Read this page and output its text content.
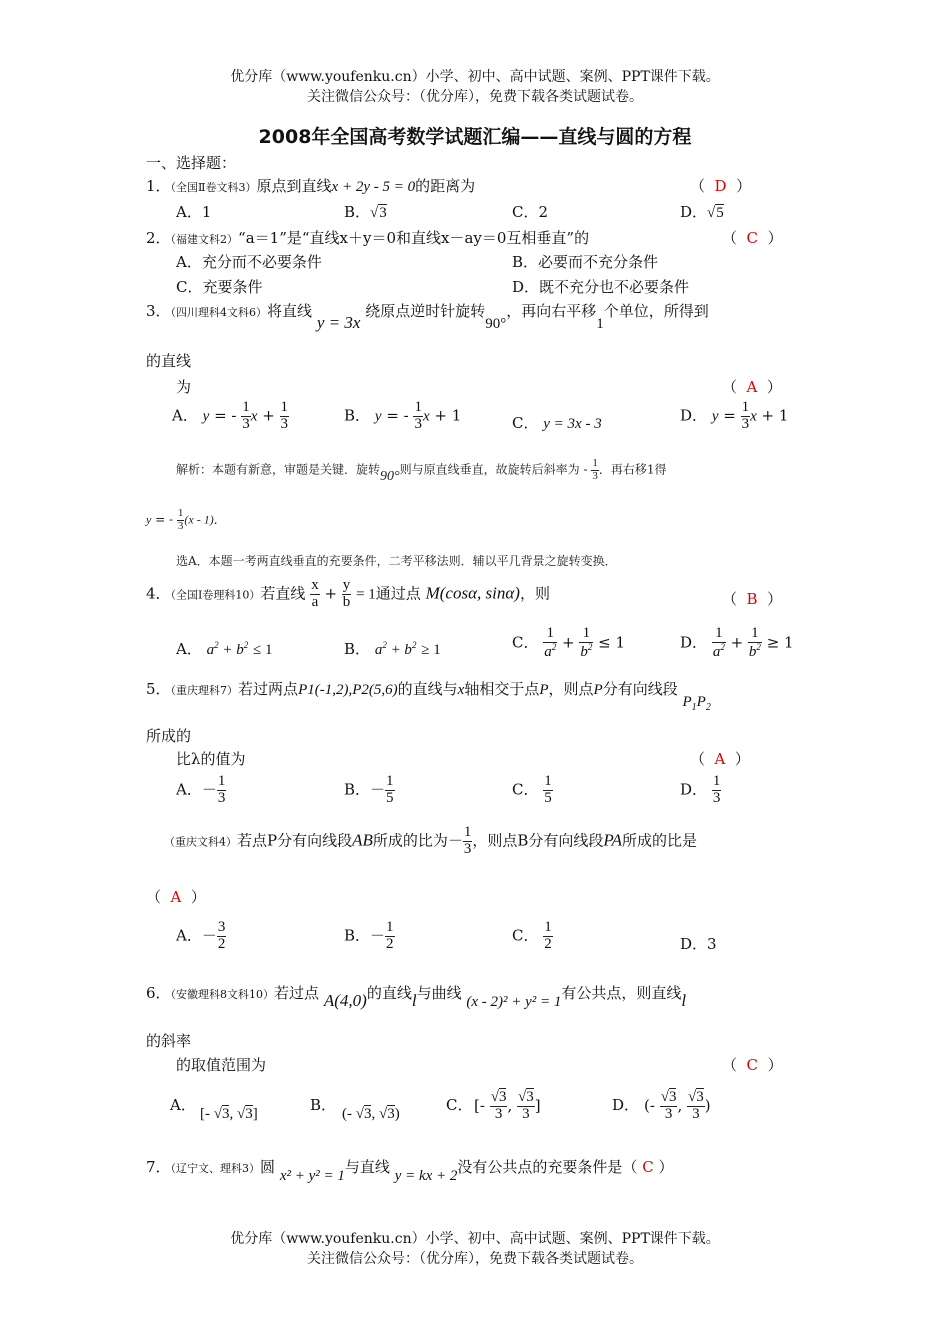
优分库（www.youfenku.cn）小学、初中、高中试题、案例、PPT课件下载。
关注微信公众号：（优分库），免费下载各类试题试卷。
2008年全国高考数学试题汇编——直线与圆的方程
一、选择题：
1．（全国Ⅱ卷文科3）原点到直线x + 2y - 5 = 0的距离为	（  D  ）
A．1	B．√3	C．2	D．√5
2．（福建文科2）“a＝1”是“直线x＋y＝0和直线x－ay＝0互相垂直”的	（  C  ）
A．充分而不必要条件	B．必要而不充分条件
C．充要条件	D．既不充分也不必要条件
3．（四川理科4文科6）将直线 y = 3x 绕原点逆时针旋转90°，再向右平移1个单位，所得到
的直线
为	（  A  ）
A． y = - $\frac{1}{3}$ $x + \frac{1}{3}$	B． y = - $\frac{1}{3}$ x + 1	C． y = 3x - 3	D． $y = \frac{1}{3}$ x + 1
解析：本题有新意，审题是关键．旋转90°则与原直线垂直，故旋转后斜率为 - $\frac{1}{3}$ ．再右移1得
y = - $\frac{1}{3} (x - 1)$．
选A．本题一考两直线垂直的充要条件，二考平移法则．辅以平几背景之旋转变换．
4．（全国Ⅰ卷理科10）若直线 $\frac{x}{a} + \frac{y}{b} = 1$通过点 M(cosα, sinα)，则	（  B  ）
A． $a^2 + b^2 \le 1$	B． $a^2 + b^2 \ge 1$	C． $\frac{1}{a^2} + \frac{1}{b^2} \le 1$	D． $\frac{1}{a^2} + \frac{1}{b^2} \ge 1$
5．（重庆理科7）若过两点P1(-1,2),P2(5,6)的直线与x轴相交于点P，则点P分有向线段 $P_1P_2$
所成的
比λ的值为	（  A  ）
A．－ $\frac{1}{3}$	B．－ $\frac{1}{5}$	C． $\frac{1}{5}$	D． $\frac{1}{3}$
（重庆文科4）若点P分有向线段AB所成的比为－ $\frac{1}{3}$ ，则点B分有向线段PA所成的比是
（  A  ）
A．－ $\frac{3}{2}$	B．－ $\frac{1}{2}$	C． $\frac{1}{2}$	D．3
6．（安徽理科8文科10）若过点 A(4,0)的直线l与曲线 (x - 2)² + y² = 1有公共点，则直线l
的斜率
的取值范围为	（  C  ）
A． [- √3, √3]	B． (- √3, √3)	C． [- $\frac{√3}{3}$ , $\frac{√3}{3}$ ]	D． (- $\frac{√3}{3}$ , $\frac{√3}{3}$ )
7．（辽宁文、理科3）圆 x² + y² = 1与直线 y = kx + 2没有公共点的充要条件是（ C ）
优分库（www.youfenku.cn）小学、初中、高中试题、案例、PPT课件下载。
关注微信公众号：（优分库），免费下载各类试题试卷。
